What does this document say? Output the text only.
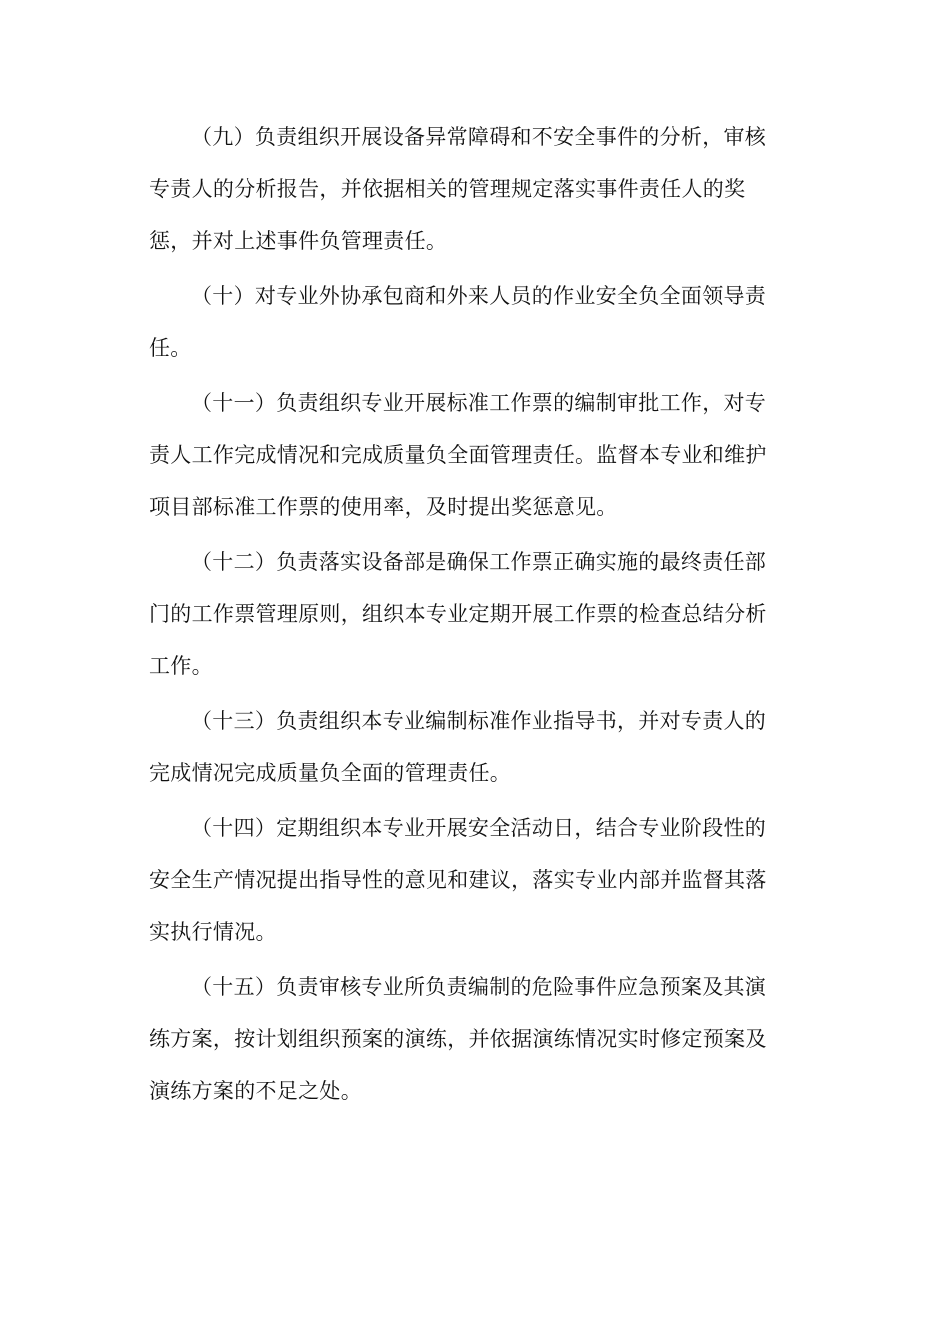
（九）负责组织开展设备异常障碍和不安全事件的分析，审核
专责人的分析报告，并依据相关的管理规定落实事件责任人的奖
惩，并对上述事件负管理责任。
（十）对专业外协承包商和外来人员的作业安全负全面领导责
任。
（十一）负责组织专业开展标准工作票的编制审批工作，对专
责人工作完成情况和完成质量负全面管理责任。监督本专业和维护
项目部标准工作票的使用率，及时提出奖惩意见。
（十二）负责落实设备部是确保工作票正确实施的最终责任部
门的工作票管理原则，组织本专业定期开展工作票的检查总结分析
工作。
（十三）负责组织本专业编制标准作业指导书，并对专责人的
完成情况完成质量负全面的管理责任。
（十四）定期组织本专业开展安全活动日，结合专业阶段性的
安全生产情况提出指导性的意见和建议，落实专业内部并监督其落
实执行情况。
（十五）负责审核专业所负责编制的危险事件应急预案及其演
练方案，按计划组织预案的演练，并依据演练情况实时修定预案及
演练方案的不足之处。
